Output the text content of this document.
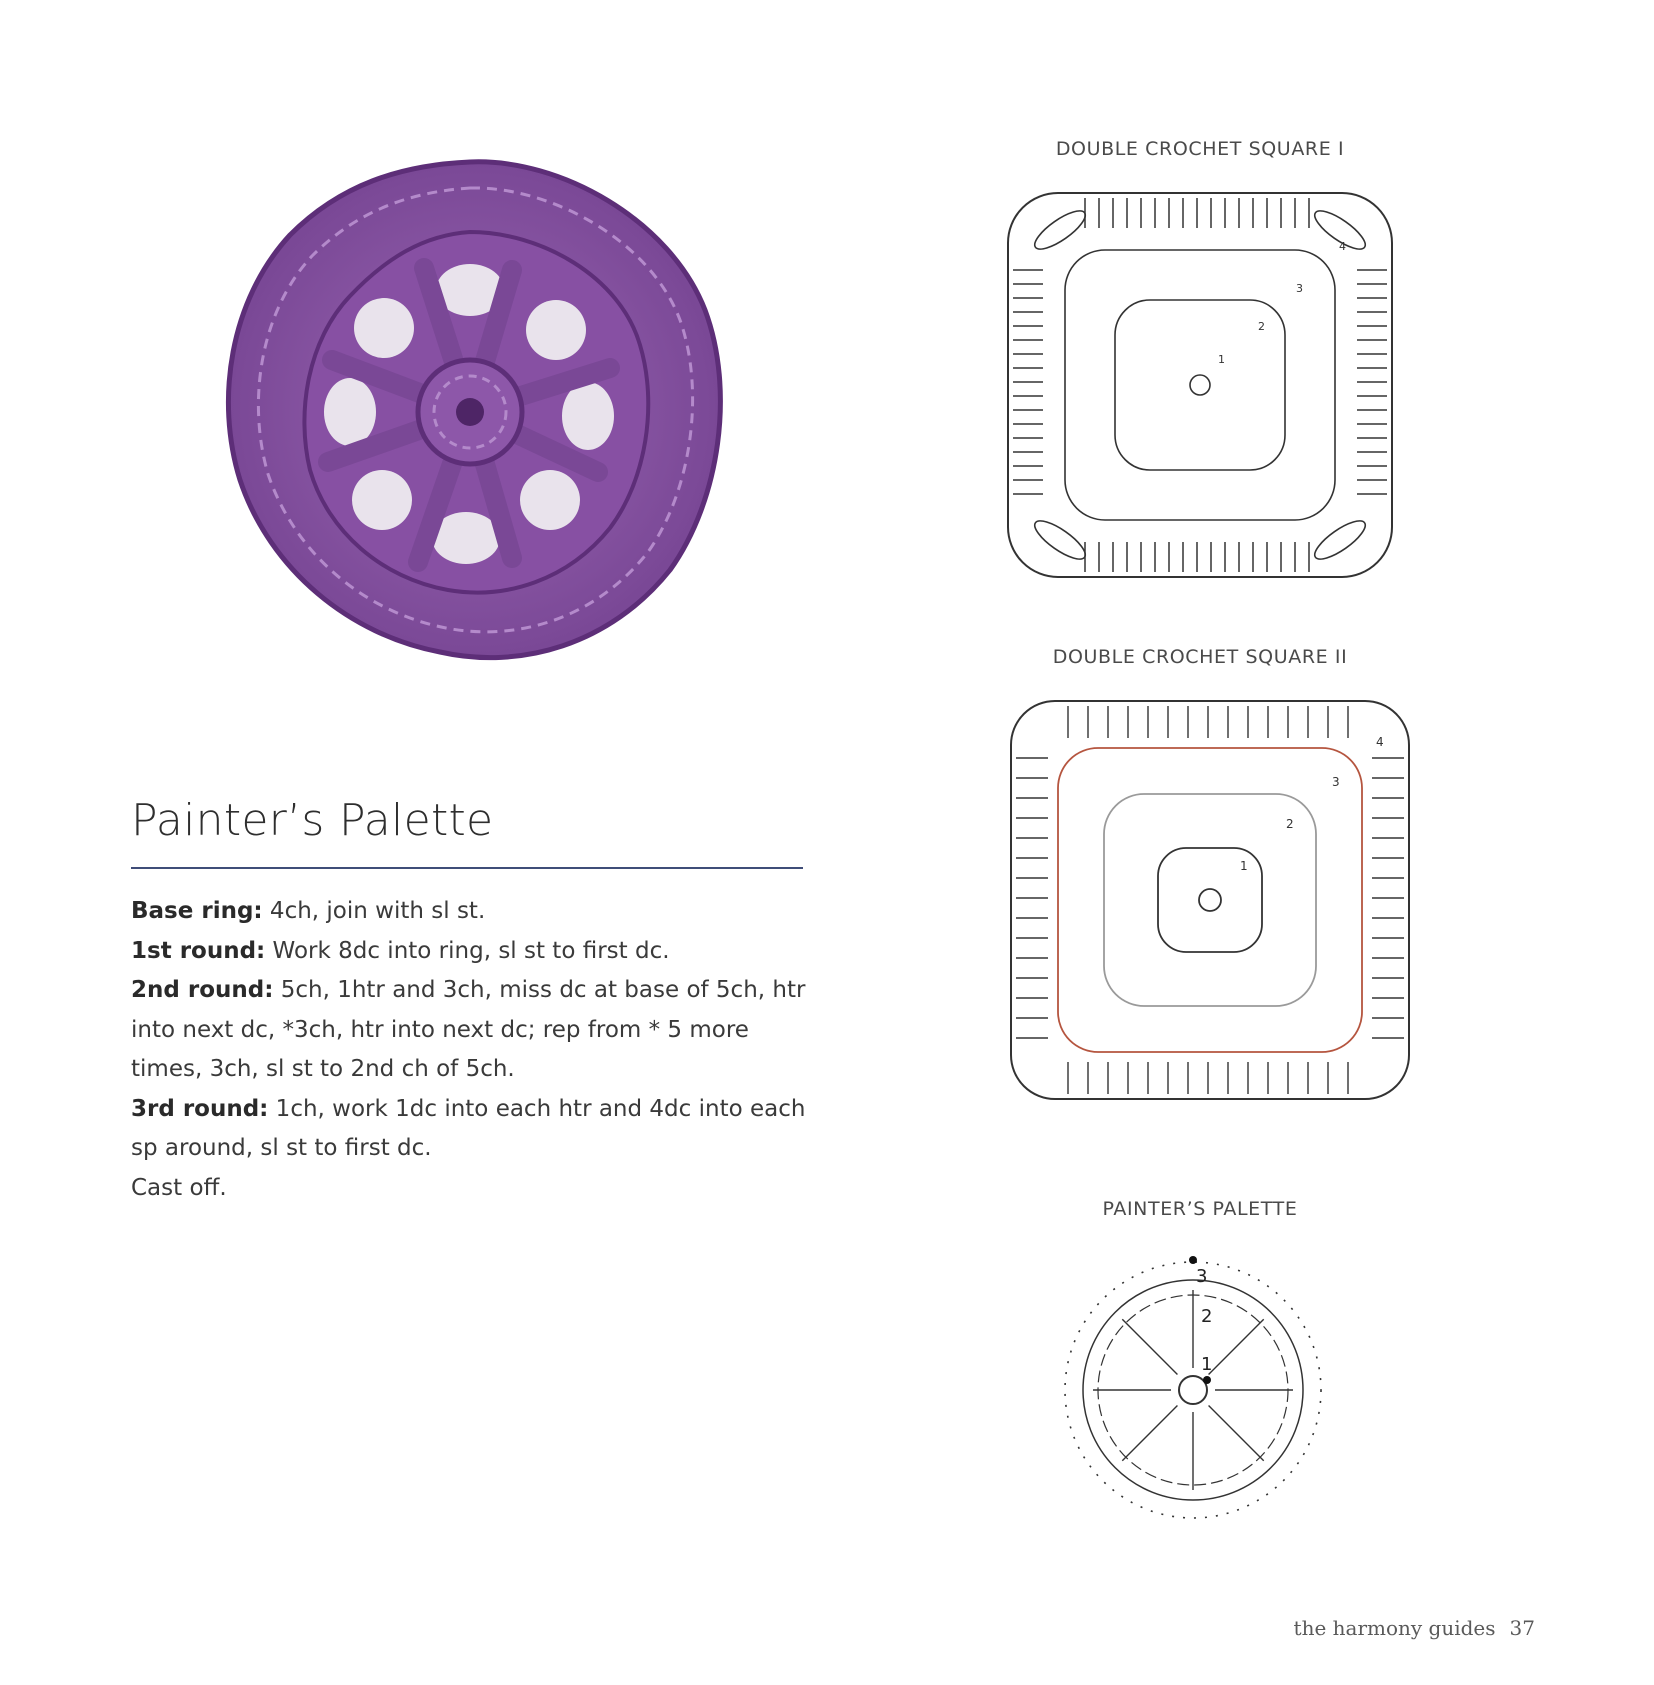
Painter’s Palette
Base ring: 4ch, join with sl st.
1st round: Work 8dc into ring, sl st to first dc.
2nd round: 5ch, 1htr and 3ch, miss dc at base of 5ch, htr into next dc, *3ch, htr into next dc; rep from * 5 more times, 3ch, sl st to 2nd ch of 5ch.
3rd round: 1ch, work 1dc into each htr and 4dc into each sp around, sl st to first dc.
Cast off.
DOUBLE CROCHET SQUARE I
1
2
3
4
DOUBLE CROCHET SQUARE II
1
2
3
4
PAINTER’S PALETTE
1
2
3
the harmony guides 37
